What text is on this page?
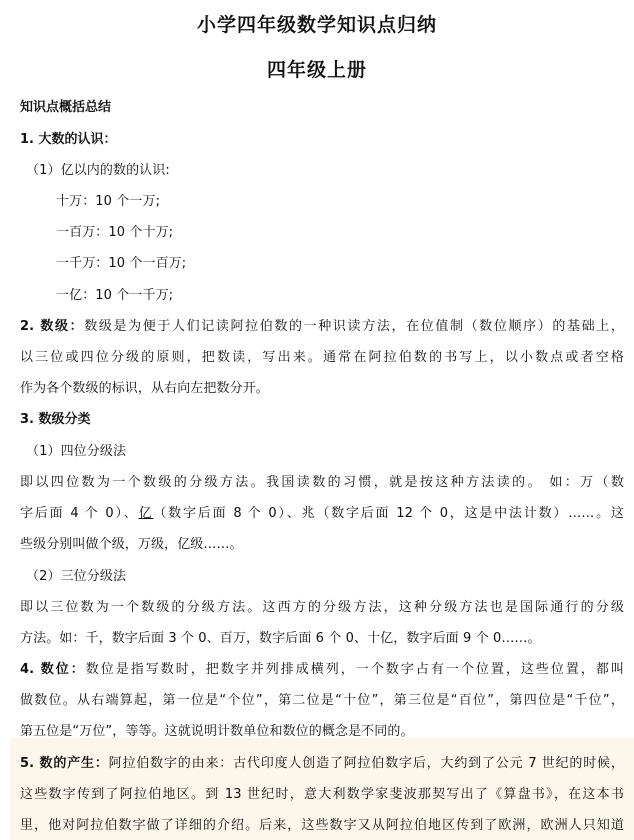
小学四年级数学知识点归纳
四年级上册
知识点概括总结
1. 大数的认识：
（1）亿以内的数的认识:
十万：10 个一万;
一百万：10 个十万;
一千万：10 个一百万;
一亿：10 个一千万;
2. 数级：数级是为便于人们记读阿拉伯数的一种识读方法，在位值制（数位顺序）的基础上，
以三位或四位分级的原则，把数读，写出来。通常在阿拉伯数的书写上，以小数点或者空格
作为各个数级的标识，从右向左把数分开。
3. 数级分类
（1）四位分级法
即以四位数为一个数级的分级方法。我国读数的习惯，就是按这种方法读的。 如：万（数
字后面 4 个 0）、亿（数字后面 8 个 0）、兆（数字后面 12 个 0，这是中法计数）……。这
些级分别叫做个级，万级，亿级……。
（2）三位分级法
即以三位数为一个数级的分级方法。这西方的分级方法，这种分级方法也是国际通行的分级
方法。如：千，数字后面 3 个 0、百万，数字后面 6 个 0、十亿，数字后面 9 个 0……。
4. 数位：数位是指写数时，把数字并列排成横列，一个数字占有一个位置，这些位置，都叫
做数位。从右端算起，第一位是“个位”，第二位是“十位”，第三位是“百位”，第四位是“千位”，
第五位是“万位”，等等。这就说明计数单位和数位的概念是不同的。
5. 数的产生：阿拉伯数字的由来：古代印度人创造了阿拉伯数字后，大约到了公元 7 世纪的时候，
这些数字传到了阿拉伯地区。到 13 世纪时，意大利数学家斐波那契写出了《算盘书》，在这本书
里，他对阿拉伯数字做了详细的介绍。后来，这些数字又从阿拉伯地区传到了欧洲，欧洲人只知道
